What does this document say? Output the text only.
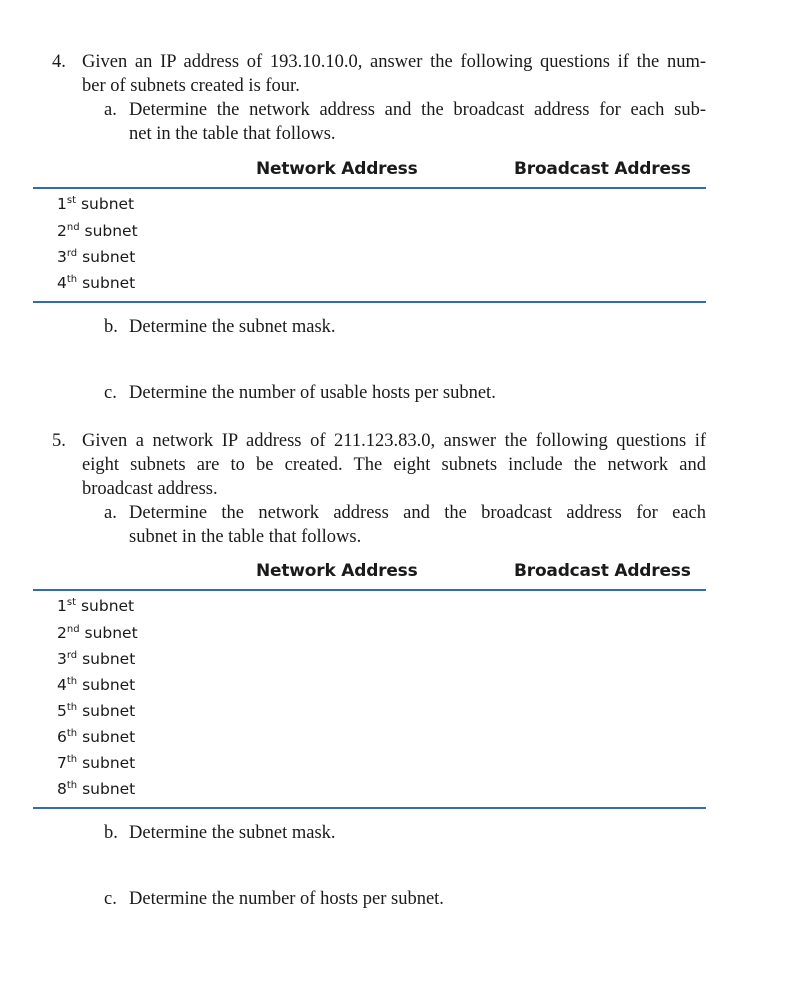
4. Given an IP address of 193.10.10.0, answer the following questions if the num-
ber of subnets created is four.
a. Determine the network address and the broadcast address for each sub-
net in the table that follows.
Network Address	Broadcast Address
1st subnet
2nd subnet
3rd subnet
4th subnet
b. Determine the subnet mask.
c. Determine the number of usable hosts per subnet.
5. Given a network IP address of 211.123.83.0, answer the following questions if
eight subnets are to be created. The eight subnets include the network and
broadcast address.
a. Determine the network address and the broadcast address for each
subnet in the table that follows.
Network Address	Broadcast Address
1st subnet
2nd subnet
3rd subnet
4th subnet
5th subnet
6th subnet
7th subnet
8th subnet
b. Determine the subnet mask.
c. Determine the number of hosts per subnet.
